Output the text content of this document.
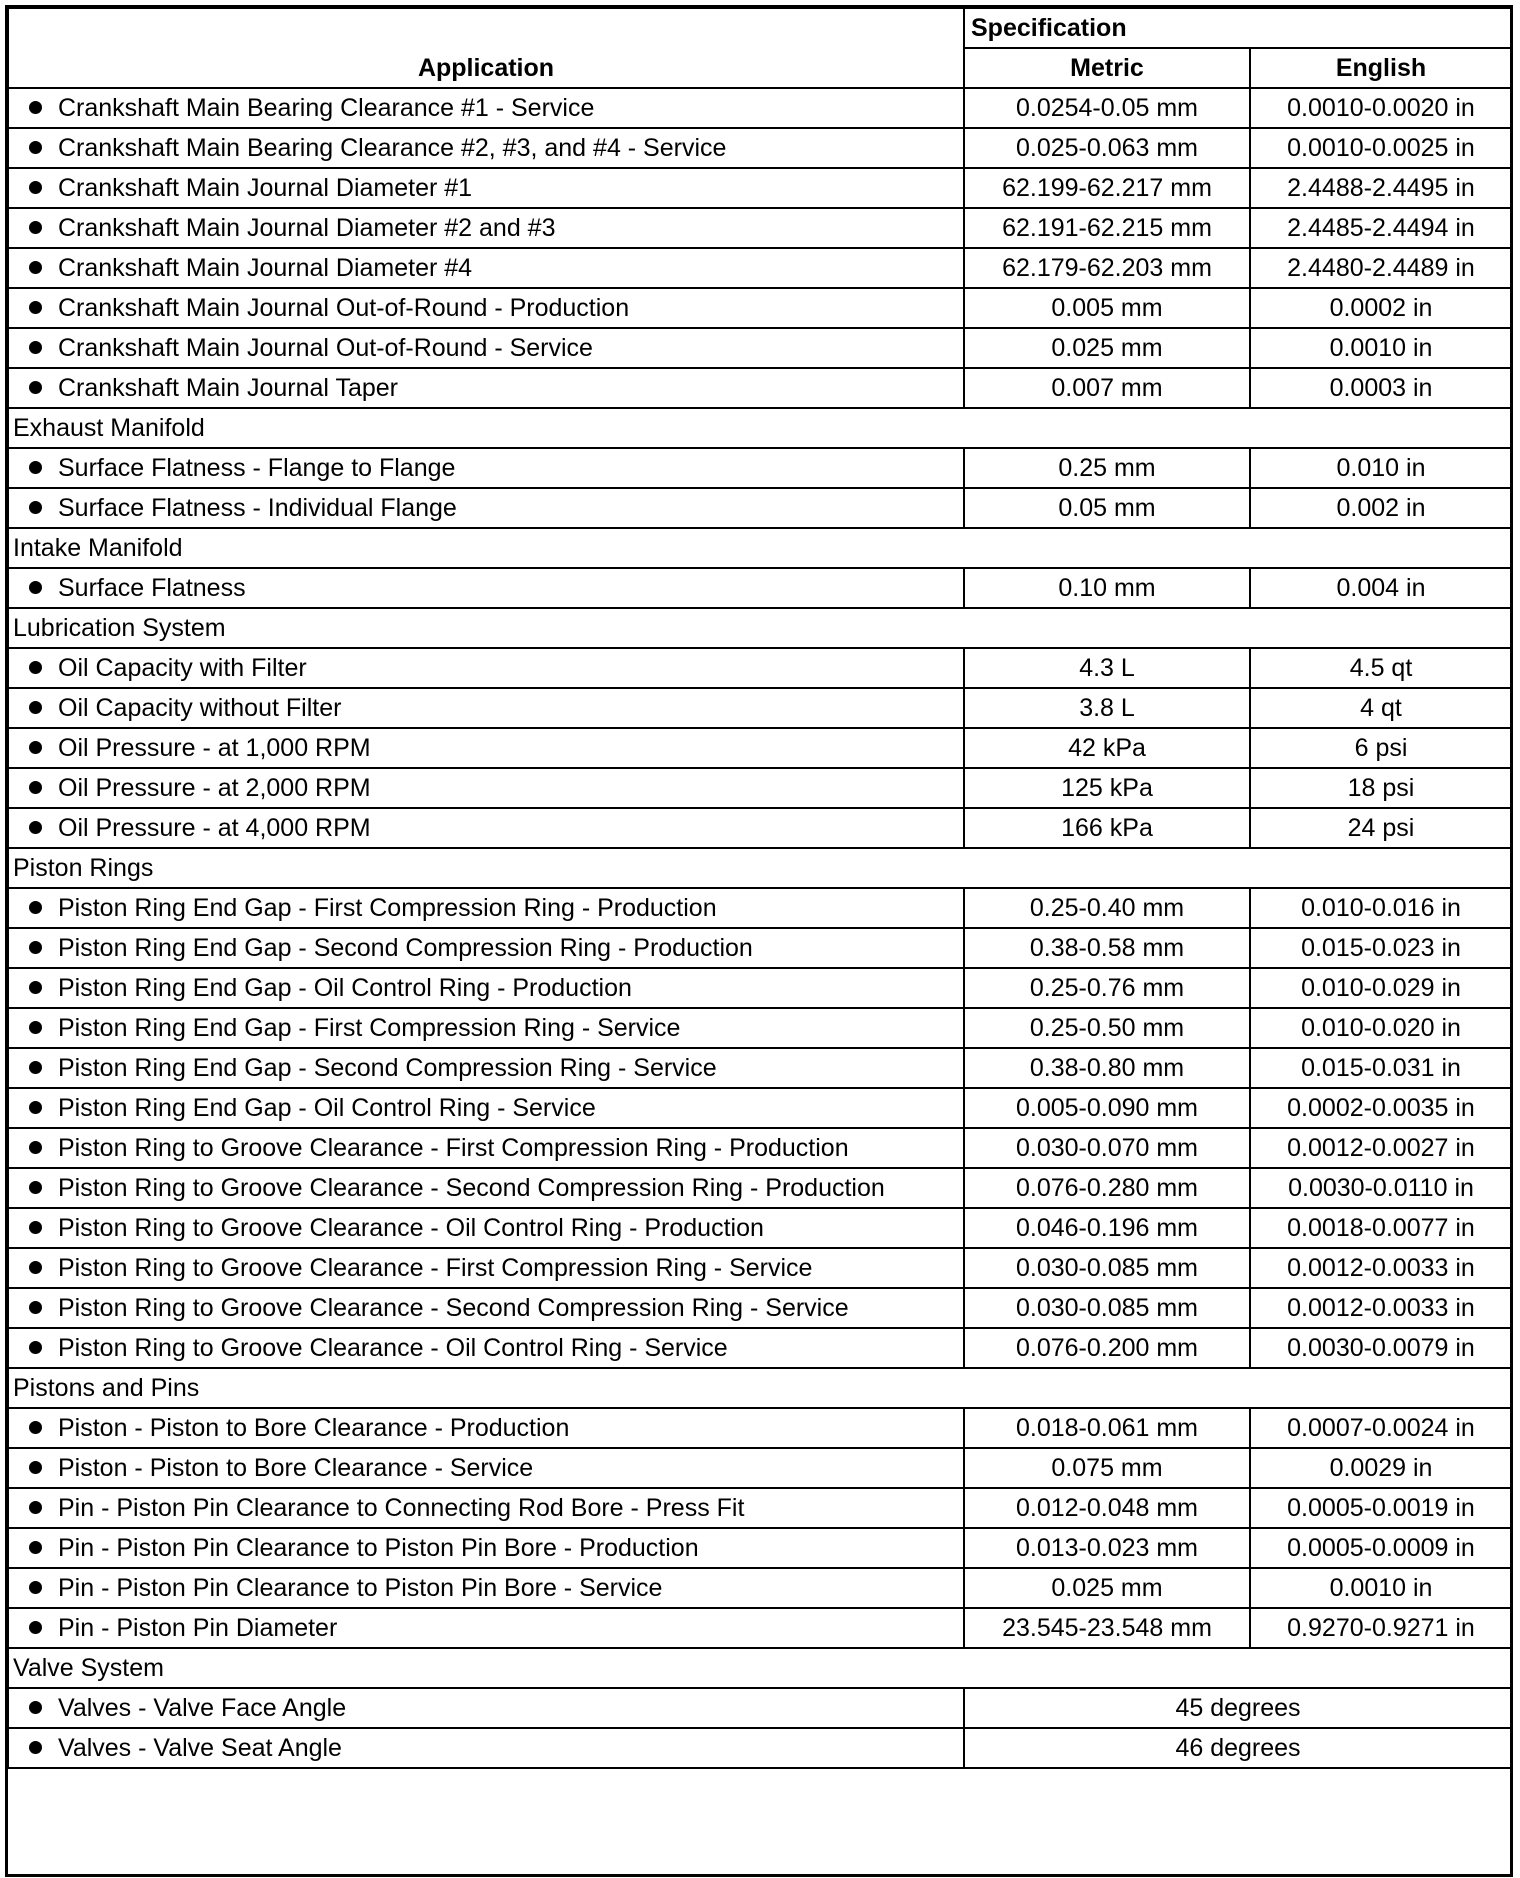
Application	Specification	
	Metric	English
Crankshaft Main Bearing Clearance #1 - Service	0.0254-0.05 mm	0.0010-0.0020 in
Crankshaft Main Bearing Clearance #2, #3, and #4 - Service	0.025-0.063 mm	0.0010-0.0025 in
Crankshaft Main Journal Diameter #1	62.199-62.217 mm	2.4488-2.4495 in
Crankshaft Main Journal Diameter #2 and #3	62.191-62.215 mm	2.4485-2.4494 in
Crankshaft Main Journal Diameter #4	62.179-62.203 mm	2.4480-2.4489 in
Crankshaft Main Journal Out-of-Round - Production	0.005 mm	0.0002 in
Crankshaft Main Journal Out-of-Round - Service	0.025 mm	0.0010 in
Crankshaft Main Journal Taper	0.007 mm	0.0003 in
Exhaust Manifold		
Surface Flatness - Flange to Flange	0.25 mm	0.010 in
Surface Flatness - Individual Flange	0.05 mm	0.002 in
Intake Manifold		
Surface Flatness	0.10 mm	0.004 in
Lubrication System		
Oil Capacity with Filter	4.3 L	4.5 qt
Oil Capacity without Filter	3.8 L	4 qt
Oil Pressure - at 1,000 RPM	42 kPa	6 psi
Oil Pressure - at 2,000 RPM	125 kPa	18 psi
Oil Pressure - at 4,000 RPM	166 kPa	24 psi
Piston Rings		
Piston Ring End Gap - First Compression Ring - Production	0.25-0.40 mm	0.010-0.016 in
Piston Ring End Gap - Second Compression Ring - Production	0.38-0.58 mm	0.015-0.023 in
Piston Ring End Gap - Oil Control Ring - Production	0.25-0.76 mm	0.010-0.029 in
Piston Ring End Gap - First Compression Ring - Service	0.25-0.50 mm	0.010-0.020 in
Piston Ring End Gap - Second Compression Ring - Service	0.38-0.80 mm	0.015-0.031 in
Piston Ring End Gap - Oil Control Ring - Service	0.005-0.090 mm	0.0002-0.0035 in
Piston Ring to Groove Clearance - First Compression Ring - Production	0.030-0.070 mm	0.0012-0.0027 in
Piston Ring to Groove Clearance - Second Compression Ring - Production	0.076-0.280 mm	0.0030-0.0110 in
Piston Ring to Groove Clearance - Oil Control Ring - Production	0.046-0.196 mm	0.0018-0.0077 in
Piston Ring to Groove Clearance - First Compression Ring - Service	0.030-0.085 mm	0.0012-0.0033 in
Piston Ring to Groove Clearance - Second Compression Ring - Service	0.030-0.085 mm	0.0012-0.0033 in
Piston Ring to Groove Clearance - Oil Control Ring - Service	0.076-0.200 mm	0.0030-0.0079 in
Pistons and Pins		
Piston - Piston to Bore Clearance - Production	0.018-0.061 mm	0.0007-0.0024 in
Piston - Piston to Bore Clearance - Service	0.075 mm	0.0029 in
Pin - Piston Pin Clearance to Connecting Rod Bore - Press Fit	0.012-0.048 mm	0.0005-0.0019 in
Pin - Piston Pin Clearance to Piston Pin Bore - Production	0.013-0.023 mm	0.0005-0.0009 in
Pin - Piston Pin Clearance to Piston Pin Bore - Service	0.025 mm	0.0010 in
Pin - Piston Pin Diameter	23.545-23.548 mm	0.9270-0.9271 in
Valve System		
Valves - Valve Face Angle	45 degrees	
Valves - Valve Seat Angle	46 degrees	
